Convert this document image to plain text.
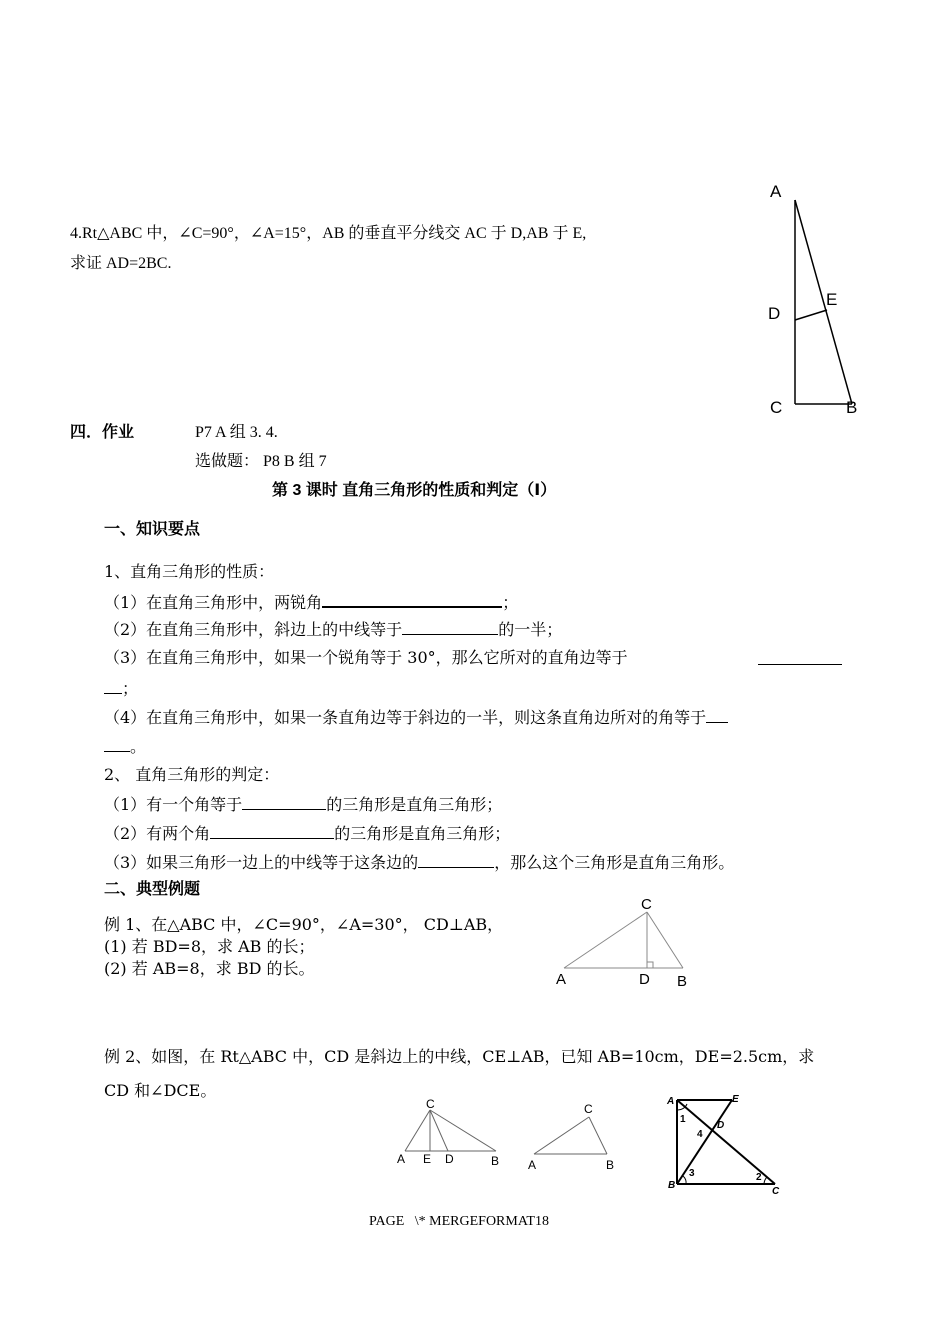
4.Rt△ABC 中，∠C=90°，∠A=15°，AB 的垂直平分线交 AC 于 D,AB 于 E,
求证 AD=2BC.
A
D
E
C	B
四．作业	P7 A 组 3. 4.
选做题： P8 B 组 7
第 3 课时 直角三角形的性质和判定（Ⅰ）
一、知识要点
1、直角三角形的性质：
（1）在直角三角形中，两锐角	；
（2）在直角三角形中，斜边上的中线等于	的一半；
（3）在直角三角形中，如果一个锐角等于 30°，那么它所对的直角边等于
；
（4）在直角三角形中，如果一条直角边等于斜边的一半，则这条直角边所对的角等于
。
2、 直角三角形的判定：
（1）有一个角等于	的三角形是直角三角形；
（2）有两个角	的三角形是直角三角形；
（3）如果三角形一边上的中线等于这条边的	，那么这个三角形是直角三角形。
二、典型例题
例 1、在△ABC 中，∠C=90°，∠A=30°， CD⊥AB，
(1) 若 BD=8，求 AB 的长；
(2) 若 AB=8，求 BD 的长。
C
A	D B
例 2、如图，在 Rt△ABC 中，CD 是斜边上的中线，CE⊥AB，已知 AB=10cm，DE=2.5cm，求
CD 和∠DCE。
C
A E D	B
C
A	B
A	E
D
B
C
1
2
3
4
PAGE   \* MERGEFORMAT18
